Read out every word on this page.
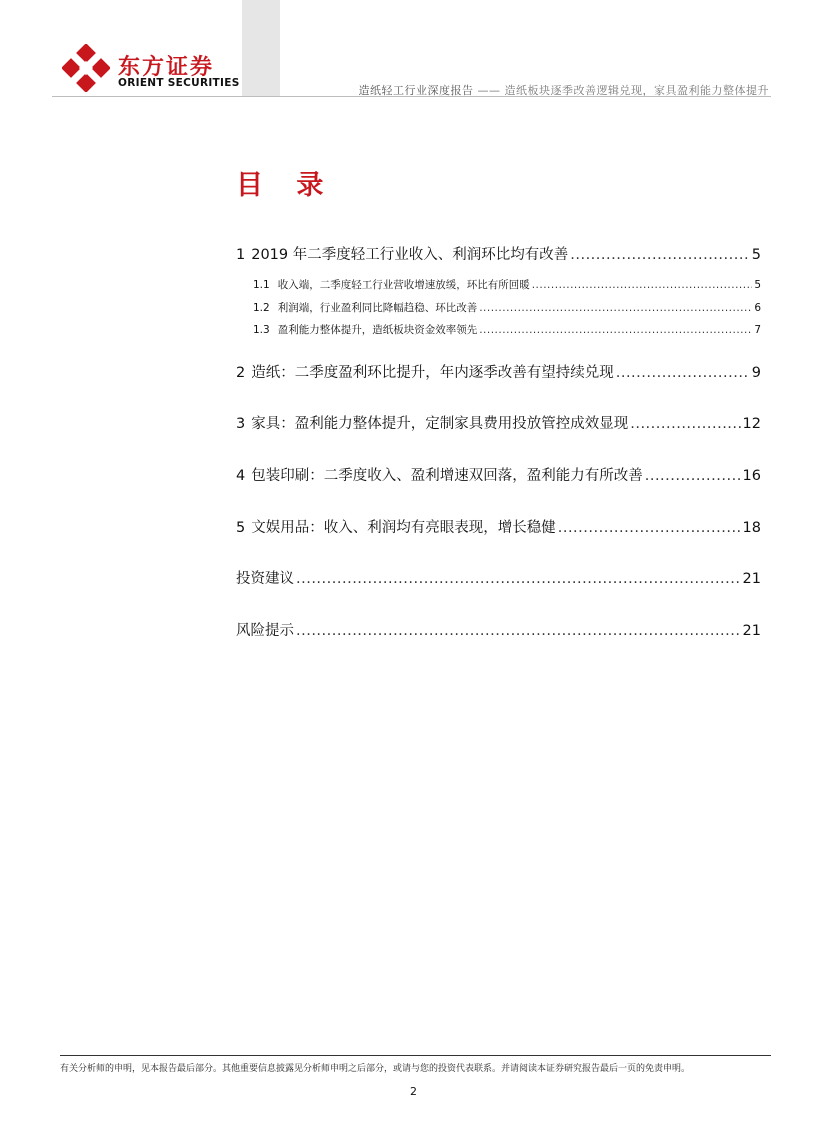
东方证券
ORIENT SECURITIES
造纸轻工行业深度报告 —— 造纸板块逐季改善逻辑兑现，家具盈利能力整体提升
目 录
1 2019 年二季度轻工行业收入、利润环比均有改善 .....	5
1.1 收入端，二季度轻工行业营收增速放缓，环比有所回暖 .....	5
1.2 利润端，行业盈利同比降幅趋稳、环比改善 .....	6
1.3 盈利能力整体提升，造纸板块资金效率领先 .....	7
2 造纸：二季度盈利环比提升，年内逐季改善有望持续兑现 .....	9
3 家具：盈利能力整体提升，定制家具费用投放管控成效显现 .....	12
4 包装印刷：二季度收入、盈利增速双回落，盈利能力有所改善 .....	16
5 文娱用品：收入、利润均有亮眼表现，增长稳健 .....	18
投资建议 .....	21
风险提示 .....	21
有关分析师的申明，见本报告最后部分。其他重要信息披露见分析师申明之后部分，或请与您的投资代表联系。并请阅读本证券研究报告最后一页的免责申明。
2
